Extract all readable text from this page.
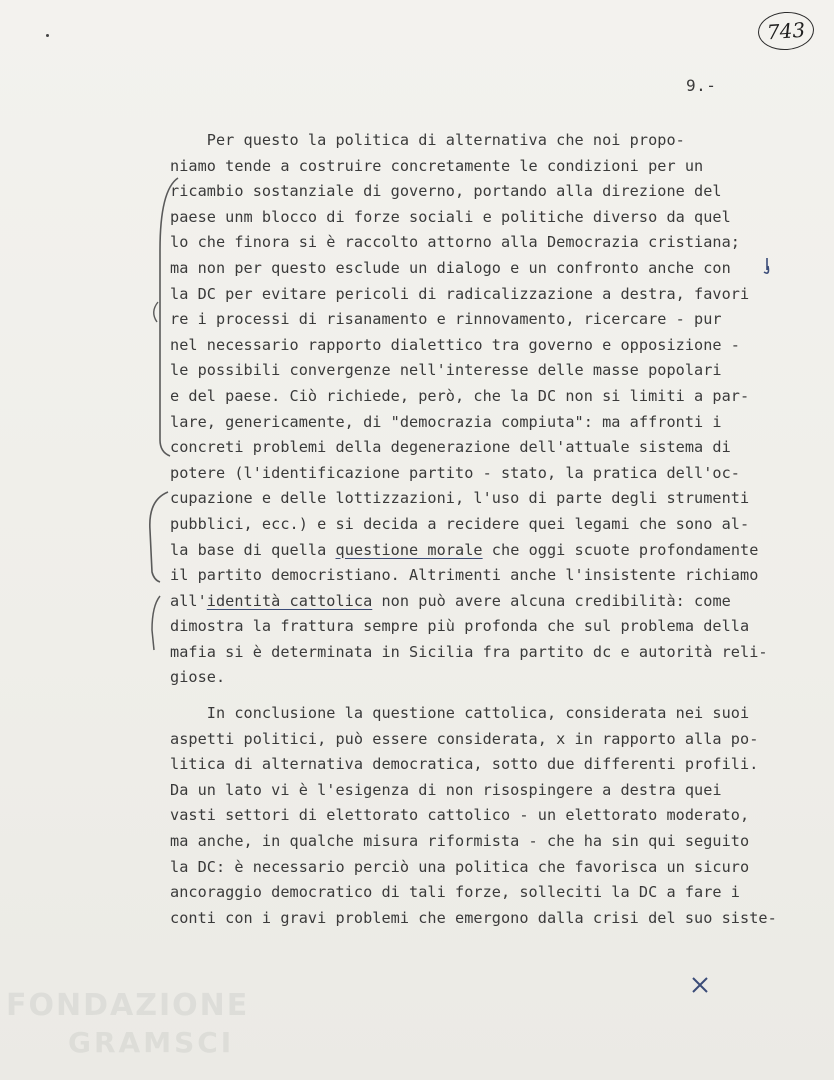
743
9.-
Per questo la politica di alternativa che noi propo-
niamo tende a costruire concretamente le condizioni per un
ricambio sostanziale di governo, portando alla direzione del
paese unm blocco di forze sociali e politiche diverso da quel
lo che finora si è raccolto attorno alla Democrazia cristiana;
ma non per questo esclude un dialogo e un confronto anche con
la DC per evitare pericoli di radicalizzazione a destra, favori
re i processi di risanamento e rinnovamento, ricercare - pur
nel necessario rapporto dialettico tra governo e opposizione -
le possibili convergenze nell'interesse delle masse popolari
e del paese. Ciò richiede, però, che la DC non si limiti a par-
lare, genericamente, di "democrazia compiuta": ma affronti i
concreti problemi della degenerazione dell'attuale sistema di
potere (l'identificazione partito - stato, la pratica dell'oc-
cupazione e delle lottizzazioni, l'uso di parte degli strumenti
pubblici, ecc.) e si decida a recidere quei legami che sono al-
la base di quella questione morale che oggi scuote profondamente
il partito democristiano. Altrimenti anche l'insistente richiamo
all'identità cattolica non può avere alcuna credibilità: come
dimostra la frattura sempre più profonda che sul problema della
mafia si è determinata in Sicilia fra partito dc e autorità reli-
giose.
In conclusione la questione cattolica, considerata nei suoi
aspetti politici, può essere considerata, x in rapporto alla po-
litica di alternativa democratica, sotto due differenti profili.
Da un lato vi è l'esigenza di non risospingere a destra quei
vasti settori di elettorato cattolico - un elettorato moderato,
ma anche, in qualche misura riformista - che ha sin qui seguito
la DC: è necessario perciò una politica che favorisca un sicuro
ancoraggio democratico di tali forze, solleciti la DC a fare i
conti con i gravi problemi che emergono dalla crisi del suo siste-
FONDAZIONE
GRAMSCI
